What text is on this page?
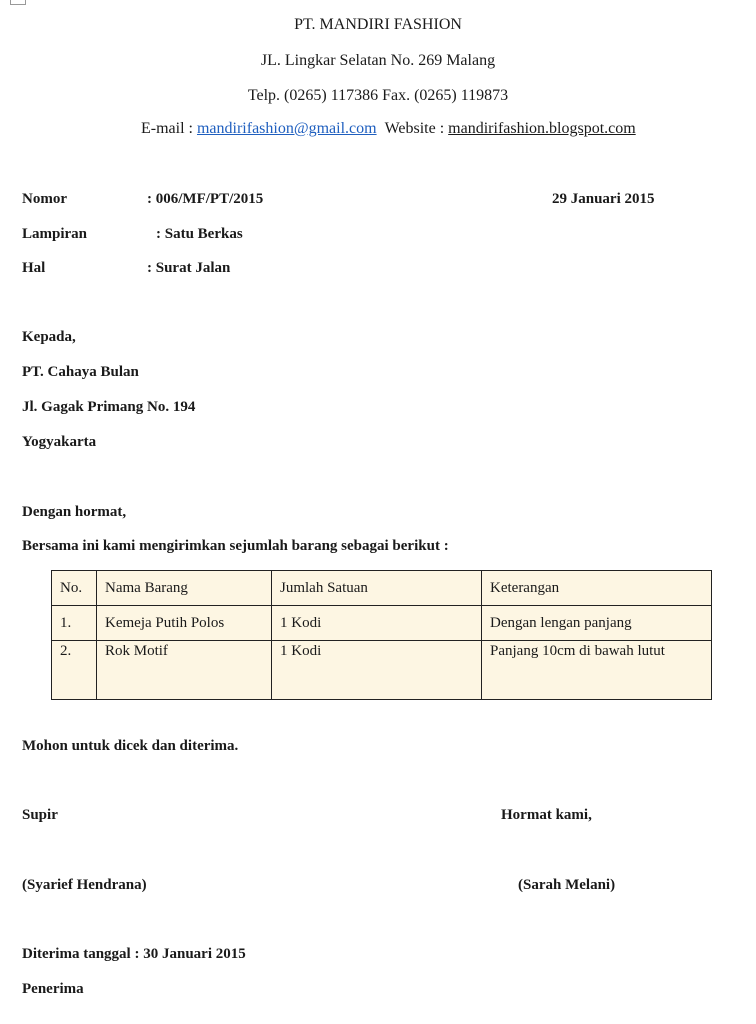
PT. MANDIRI FASHION
JL. Lingkar Selatan No. 269 Malang
Telp. (0265) 117386 Fax. (0265) 119873
E-mail : mandirifashion@gmail.com Website : mandirifashion.blogspot.com
Nomor	: 006/MF/PT/2015	29 Januari 2015
Lampiran	: Satu Berkas
Hal	: Surat Jalan
Kepada,
PT. Cahaya Bulan
Jl. Gagak Primang No. 194
Yogyakarta
Dengan hormat,
Bersama ini kami mengirimkan sejumlah barang sebagai berikut :
No.	Nama Barang	Jumlah Satuan	Keterangan
1.	Kemeja Putih Polos	1 Kodi	Dengan lengan panjang
2.	Rok Motif	1 Kodi	Panjang 10cm di bawah lutut
Mohon untuk dicek dan diterima.
Supir	Hormat kami,
(Syarief Hendrana)	(Sarah Melani)
Diterima tanggal : 30 Januari 2015
Penerima
